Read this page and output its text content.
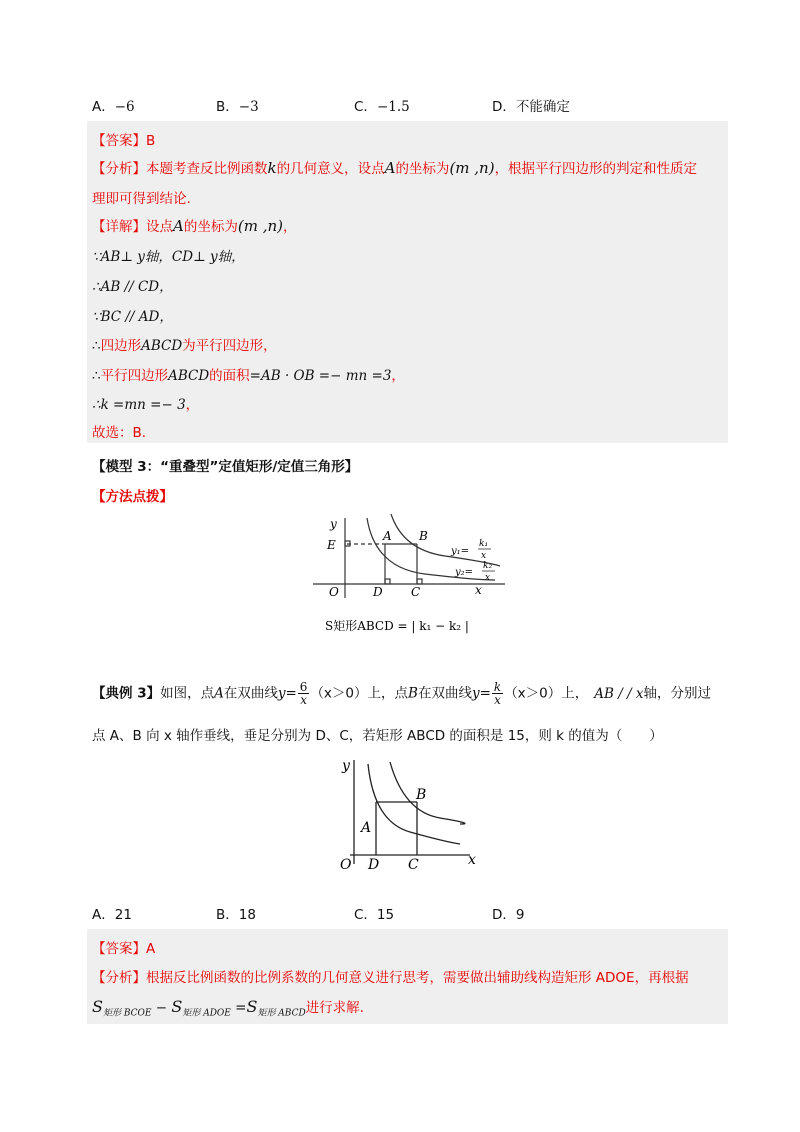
A．−6	B．−3	C．−1.5	D．不能确定
【答案】B
【分析】本题考查反比例函数k的几何意义，设点A的坐标为(m ,n)，根据平行四边形的判定和性质定
理即可得到结论.
【详解】设点A的坐标为(m ,n)，
∵AB⊥ y轴，CD⊥ y轴，
∴AB // CD，
∵BC // AD，
∴四边形ABCD为平行四边形，
∴平行四边形ABCD的面积=AB · OB =− mn =3，
∴k =mn =− 3，
故选：B.
【模型 3：“重叠型”定值矩形/定值三角形】
【方法点拨】
y
E
A B
O	D C	x
y₁=
k₁
x
y₂=
k₂
x
S矩形ABCD = | k₁ − k₂ |
【典例 3】如图，点A在双曲线$y= \frac{6}{x} (x>0)$上，点B在双曲线$y= \frac{k}{x} (x>0)$上， AB / / x轴，分别过
点 A、B 向 x 轴作垂线，垂足分别为 D、C，若矩形 ABCD 的面积是 15，则 k 的值为（　　）
y
A
B
O D C	x
A．21	B．18	C．15	D．9
【答案】A
【分析】根据反比例函数的比例系数的几何意义进行思考，需要做出辅助线构造矩形 ADOE，再根据
$S_{矩形 BCOE} - S_{矩形 ADOE} =S_{矩形 ABCD}$进行求解.
